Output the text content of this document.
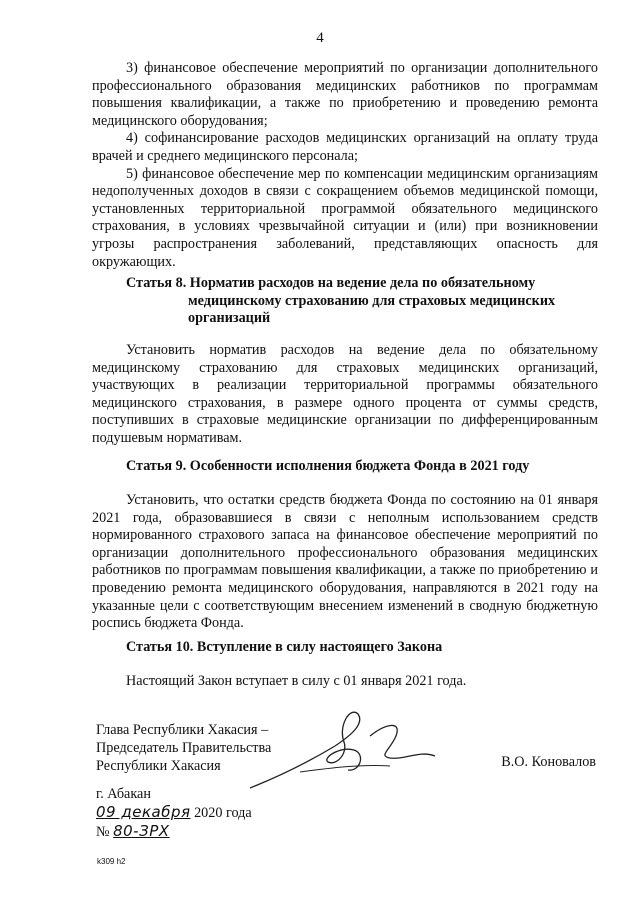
4

3) финансовое обеспечение мероприятий по организации дополнительного профессионального образования медицинских работников по программам повышения квалификации, а также по приобретению и проведению ремонта медицинского оборудования;

4) софинансирование расходов медицинских организаций на оплату труда врачей и среднего медицинского персонала;

5) финансовое обеспечение мер по компенсации медицинским организациям недополученных доходов в связи с сокращением объемов медицинской помощи, установленных территориальной программой обязательного медицинского страхования, в условиях чрезвычайной ситуации и (или) при возникновении угрозы распространения заболеваний, представляющих опасность для окружающих.

Статья 8. Норматив расходов на ведение дела по обязательному медицинскому страхованию для страховых медицинских организаций

Установить норматив расходов на ведение дела по обязательному медицинскому страхованию для страховых медицинских организаций, участвующих в реализации территориальной программы обязательного медицинского страхования, в размере одного процента от суммы средств, поступивших в страховые медицинские организации по дифференцированным подушевым нормативам.

Статья 9. Особенности исполнения бюджета Фонда в 2021 году

Установить, что остатки средств бюджета Фонда по состоянию на 01 января 2021 года, образовавшиеся в связи с неполным использованием средств нормированного страхового запаса на финансовое обеспечение мероприятий по организации дополнительного профессионального образования медицинских работников по программам повышения квалификации, а также по приобретению и проведению ремонта медицинского оборудования, направляются в 2021 году на указанные цели с соответствующим внесением изменений в сводную бюджетную роспись бюджета Фонда.

Статья 10. Вступление в силу настоящего Закона

Настоящий Закон вступает в силу с 01 января 2021 года.

Глава Республики Хакасия –
Председатель Правительства
Республики Хакасия	В.О. Коновалов
г. Абакан
09 декабря 2020 года
№ 80-ЗРХ
k309 h2
